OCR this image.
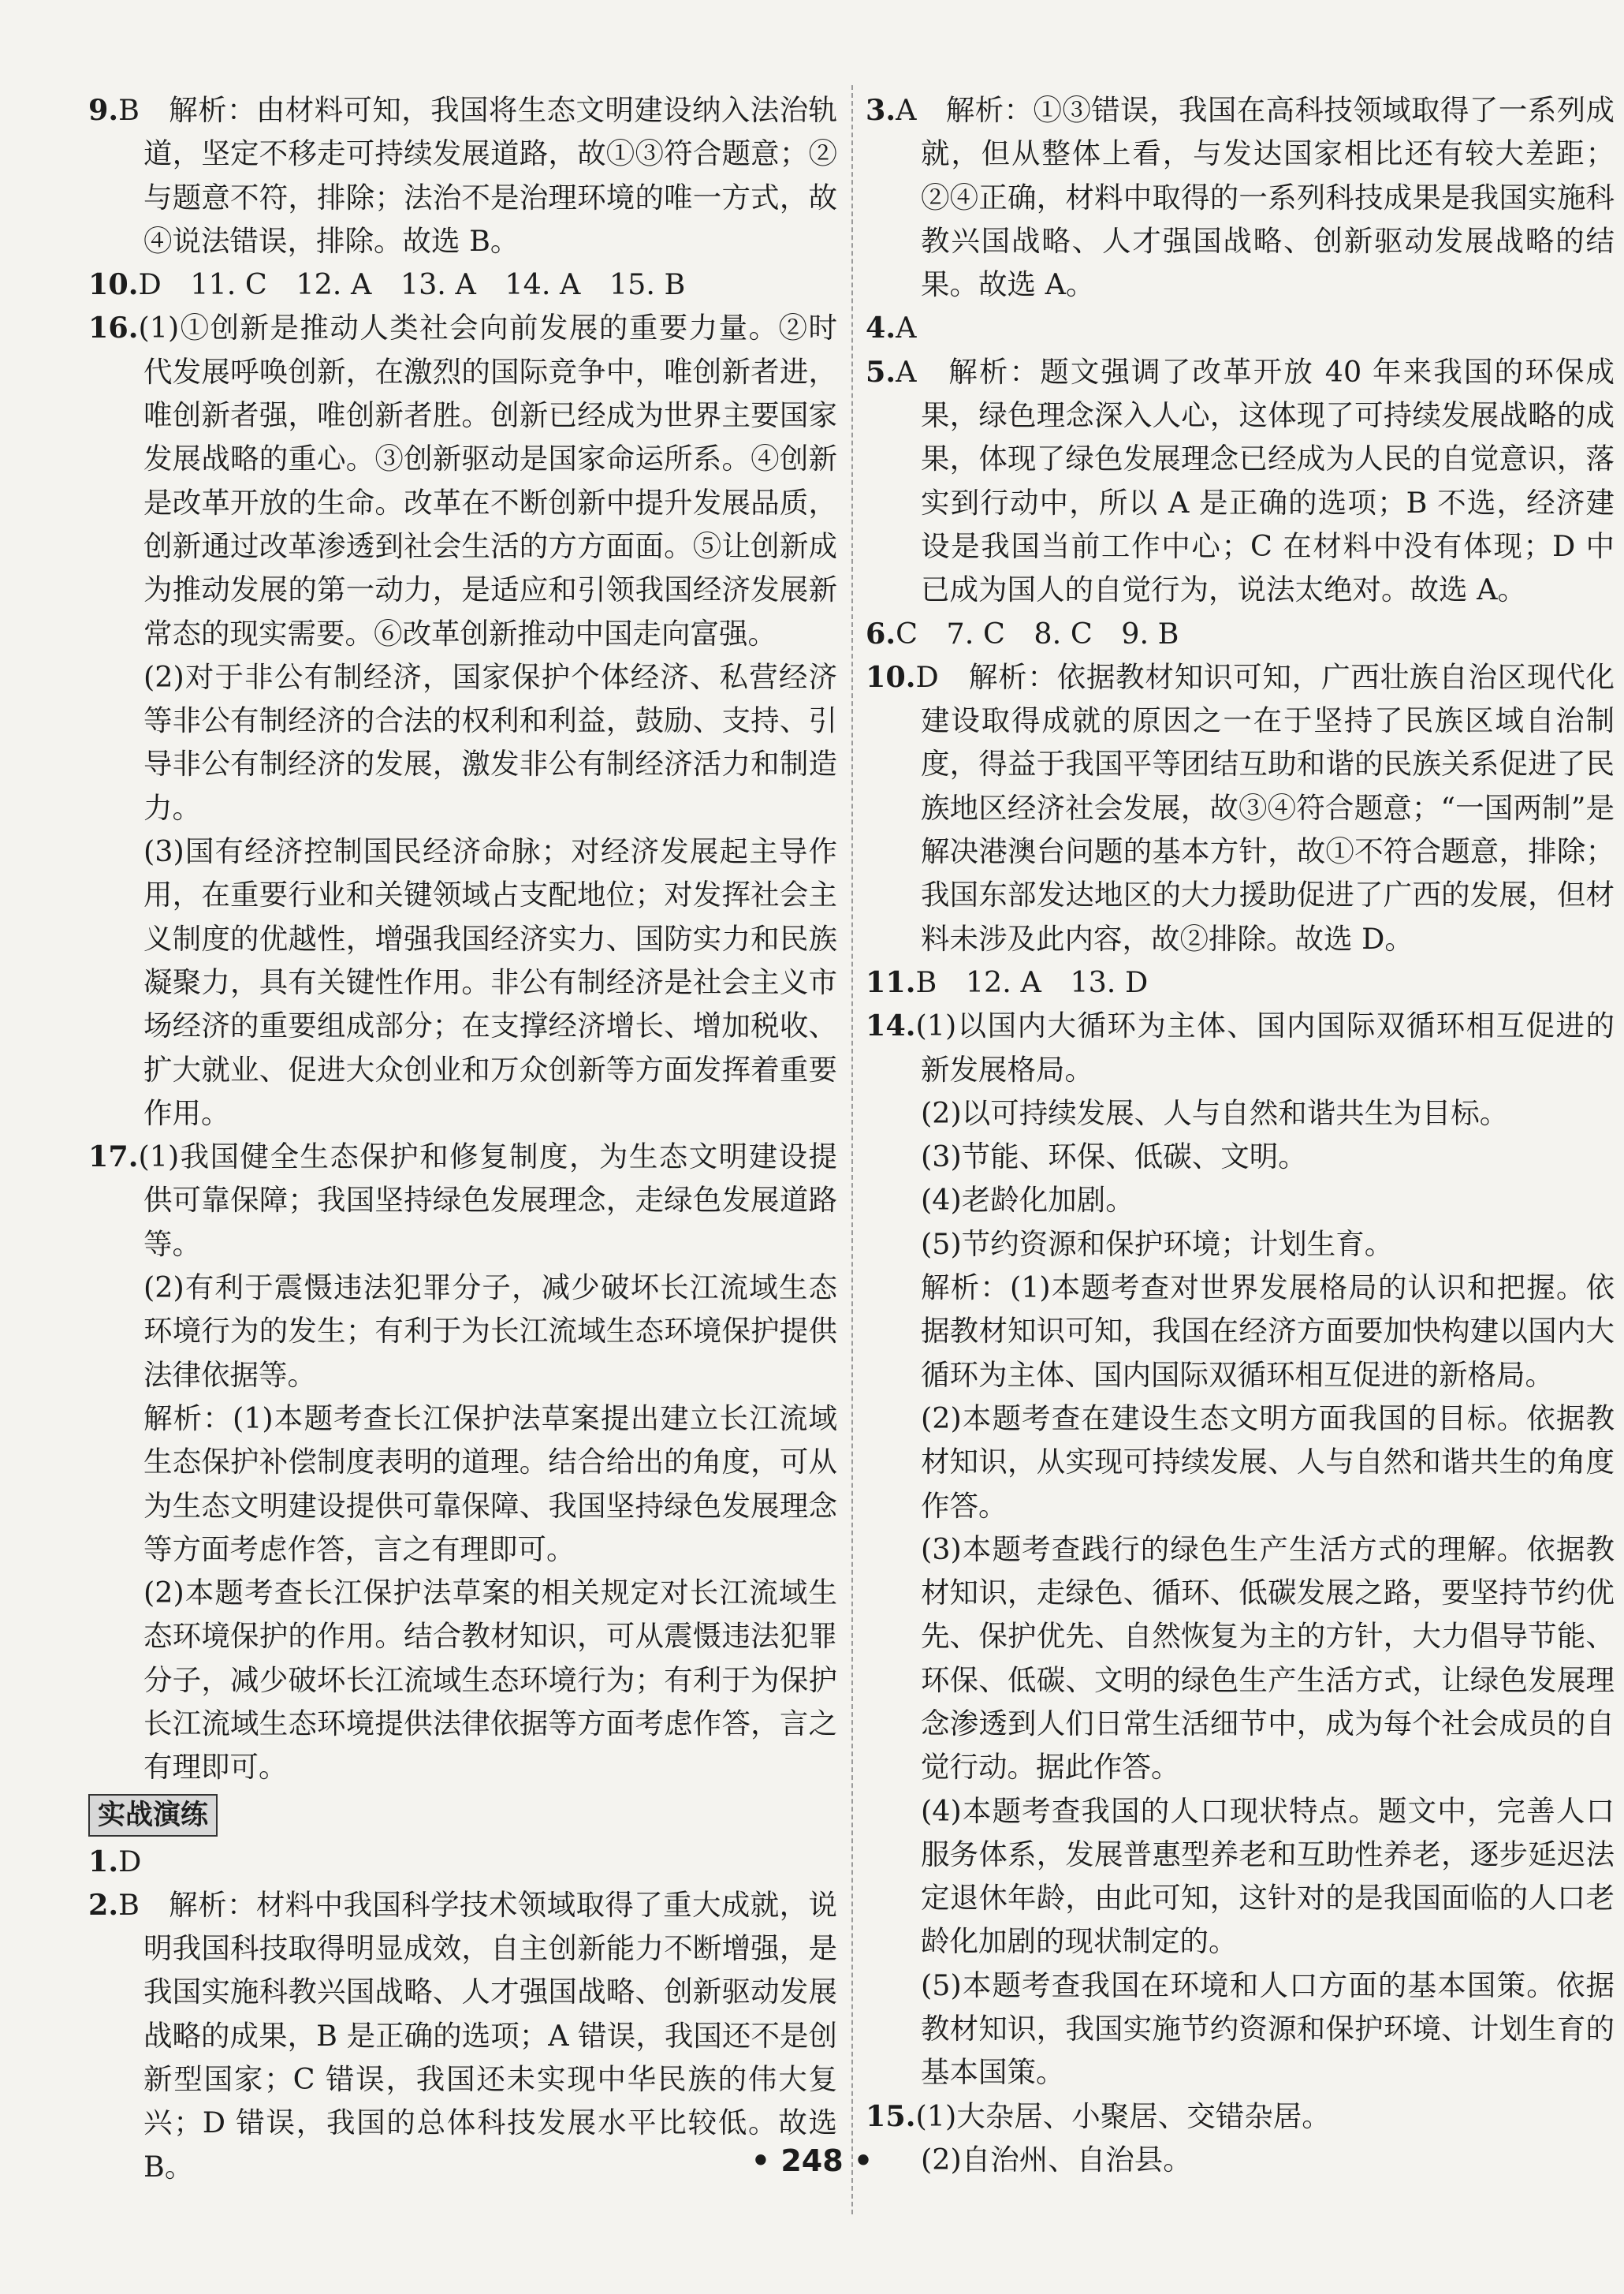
9.B　解析：由材料可知，我国将生态文明建设纳入法治轨道，坚定不移走可持续发展道路，故①③符合题意；②与题意不符，排除；法治不是治理环境的唯一方式，故④说法错误，排除。故选 B。

10.D　11. C　12. A　13. A　14. A　15. B

16.(1)①创新是推动人类社会向前发展的重要力量。②时代发展呼唤创新，在激烈的国际竞争中，唯创新者进，唯创新者强，唯创新者胜。创新已经成为世界主要国家发展战略的重心。③创新驱动是国家命运所系。④创新是改革开放的生命。改革在不断创新中提升发展品质，创新通过改革渗透到社会生活的方方面面。⑤让创新成为推动发展的第一动力，是适应和引领我国经济发展新常态的现实需要。⑥改革创新推动中国走向富强。

(2)对于非公有制经济，国家保护个体经济、私营经济等非公有制经济的合法的权利和利益，鼓励、支持、引导非公有制经济的发展，激发非公有制经济活力和制造力。

(3)国有经济控制国民经济命脉；对经济发展起主导作用，在重要行业和关键领域占支配地位；对发挥社会主义制度的优越性，增强我国经济实力、国防实力和民族凝聚力，具有关键性作用。非公有制经济是社会主义市场经济的重要组成部分；在支撑经济增长、增加税收、扩大就业、促进大众创业和万众创新等方面发挥着重要作用。

17.(1)我国健全生态保护和修复制度，为生态文明建设提供可靠保障；我国坚持绿色发展理念，走绿色发展道路等。

(2)有利于震慑违法犯罪分子，减少破坏长江流域生态环境行为的发生；有利于为长江流域生态环境保护提供法律依据等。

解析：(1)本题考查长江保护法草案提出建立长江流域生态保护补偿制度表明的道理。结合给出的角度，可从为生态文明建设提供可靠保障、我国坚持绿色发展理念等方面考虑作答，言之有理即可。

(2)本题考查长江保护法草案的相关规定对长江流域生态环境保护的作用。结合教材知识，可从震慑违法犯罪分子，减少破坏长江流域生态环境行为；有利于为保护长江流域生态环境提供法律依据等方面考虑作答，言之有理即可。

实战演练

1.D

2.B　解析：材料中我国科学技术领域取得了重大成就，说明我国科技取得明显成效，自主创新能力不断增强，是我国实施科教兴国战略、人才强国战略、创新驱动发展战略的成果，B 是正确的选项；A 错误，我国还不是创新型国家；C 错误，我国还未实现中华民族的伟大复兴；D 错误，我国的总体科技发展水平比较低。故选 B。

3.A　解析：①③错误，我国在高科技领域取得了一系列成就，但从整体上看，与发达国家相比还有较大差距；②④正确，材料中取得的一系列科技成果是我国实施科教兴国战略、人才强国战略、创新驱动发展战略的结果。故选 A。

4.A

5.A　解析：题文强调了改革开放 40 年来我国的环保成果，绿色理念深入人心，这体现了可持续发展战略的成果，体现了绿色发展理念已经成为人民的自觉意识，落实到行动中，所以 A 是正确的选项；B 不选，经济建设是我国当前工作中心；C 在材料中没有体现；D 中已成为国人的自觉行为，说法太绝对。故选 A。

6.C　7. C　8. C　9. B

10.D　解析：依据教材知识可知，广西壮族自治区现代化建设取得成就的原因之一在于坚持了民族区域自治制度，得益于我国平等团结互助和谐的民族关系促进了民族地区经济社会发展，故③④符合题意；“一国两制”是解决港澳台问题的基本方针，故①不符合题意，排除；我国东部发达地区的大力援助促进了广西的发展，但材料未涉及此内容，故②排除。故选 D。

11.B　12. A　13. D

14.(1)以国内大循环为主体、国内国际双循环相互促进的新发展格局。

(2)以可持续发展、人与自然和谐共生为目标。

(3)节能、环保、低碳、文明。

(4)老龄化加剧。

(5)节约资源和保护环境；计划生育。

解析：(1)本题考查对世界发展格局的认识和把握。依据教材知识可知，我国在经济方面要加快构建以国内大循环为主体、国内国际双循环相互促进的新格局。

(2)本题考查在建设生态文明方面我国的目标。依据教材知识，从实现可持续发展、人与自然和谐共生的角度作答。

(3)本题考查践行的绿色生产生活方式的理解。依据教材知识，走绿色、循环、低碳发展之路，要坚持节约优先、保护优先、自然恢复为主的方针，大力倡导节能、环保、低碳、文明的绿色生产生活方式，让绿色发展理念渗透到人们日常生活细节中，成为每个社会成员的自觉行动。据此作答。

(4)本题考查我国的人口现状特点。题文中，完善人口服务体系，发展普惠型养老和互助性养老，逐步延迟法定退休年龄，由此可知，这针对的是我国面临的人口老龄化加剧的现状制定的。

(5)本题考查我国在环境和人口方面的基本国策。依据教材知识，我国实施节约资源和保护环境、计划生育的基本国策。

15.(1)大杂居、小聚居、交错杂居。

(2)自治州、自治县。

• 248 •
